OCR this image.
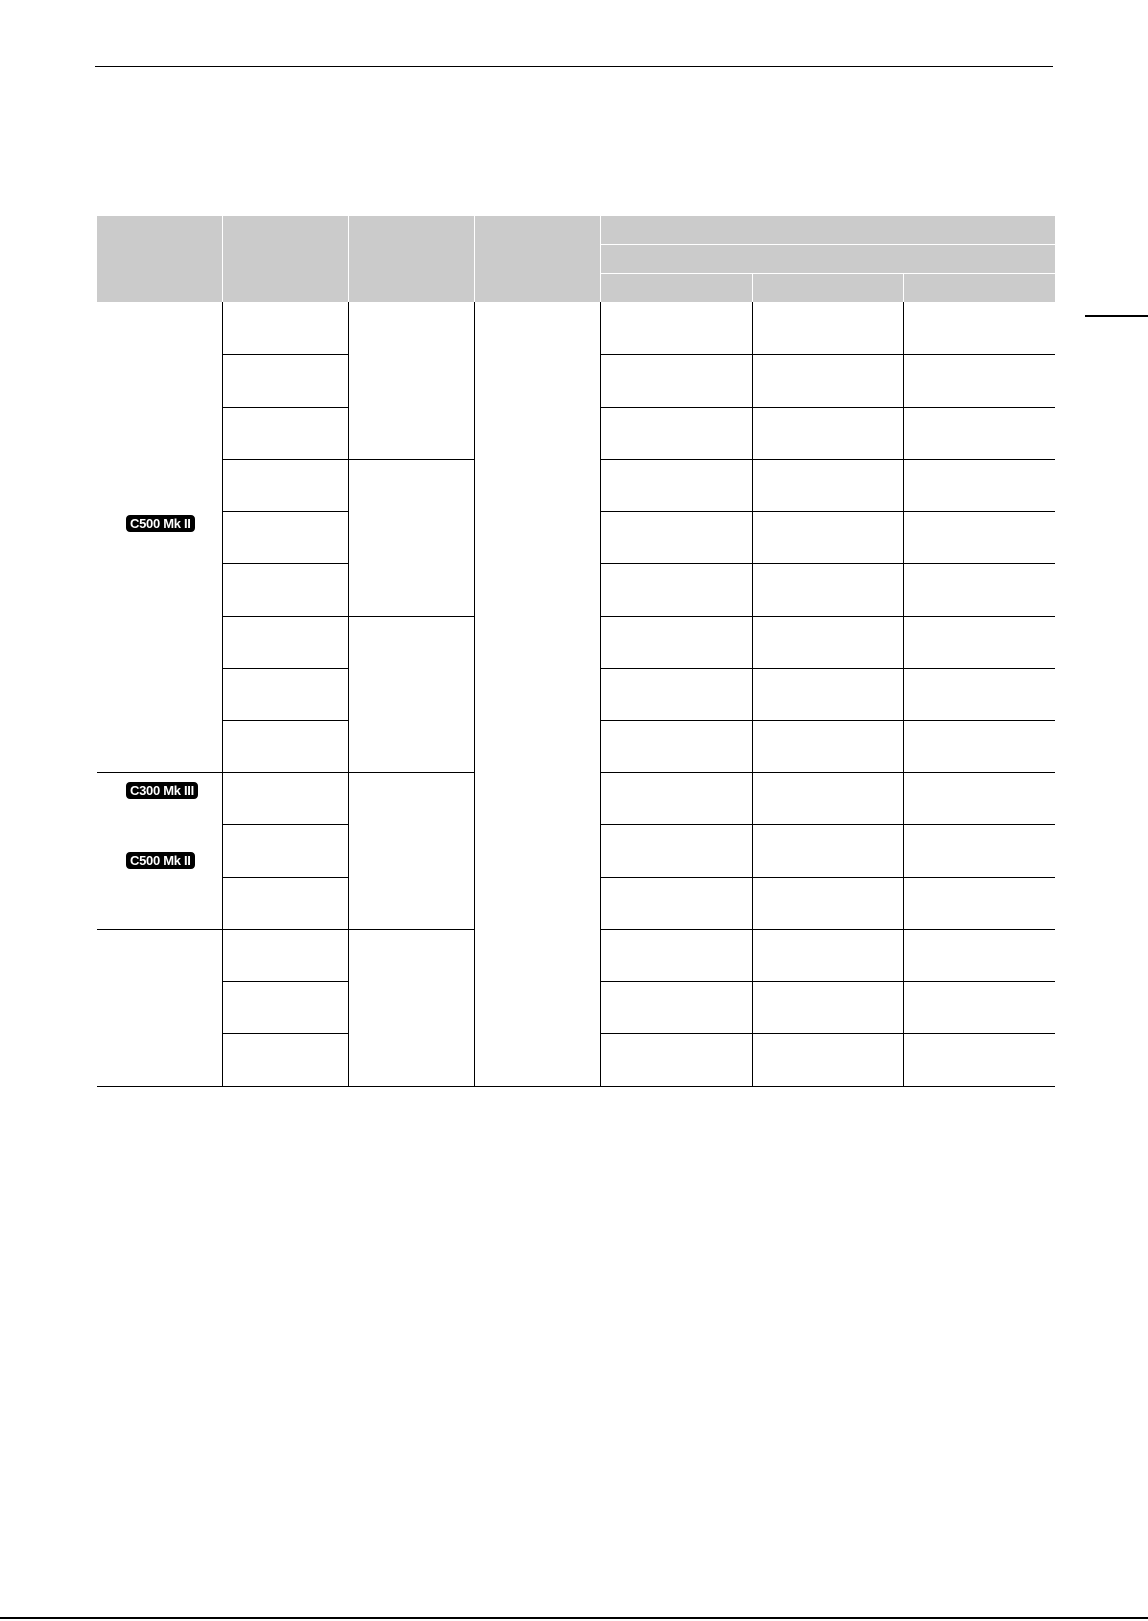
C500 Mk II
C300 Mk III
C500 Mk II
